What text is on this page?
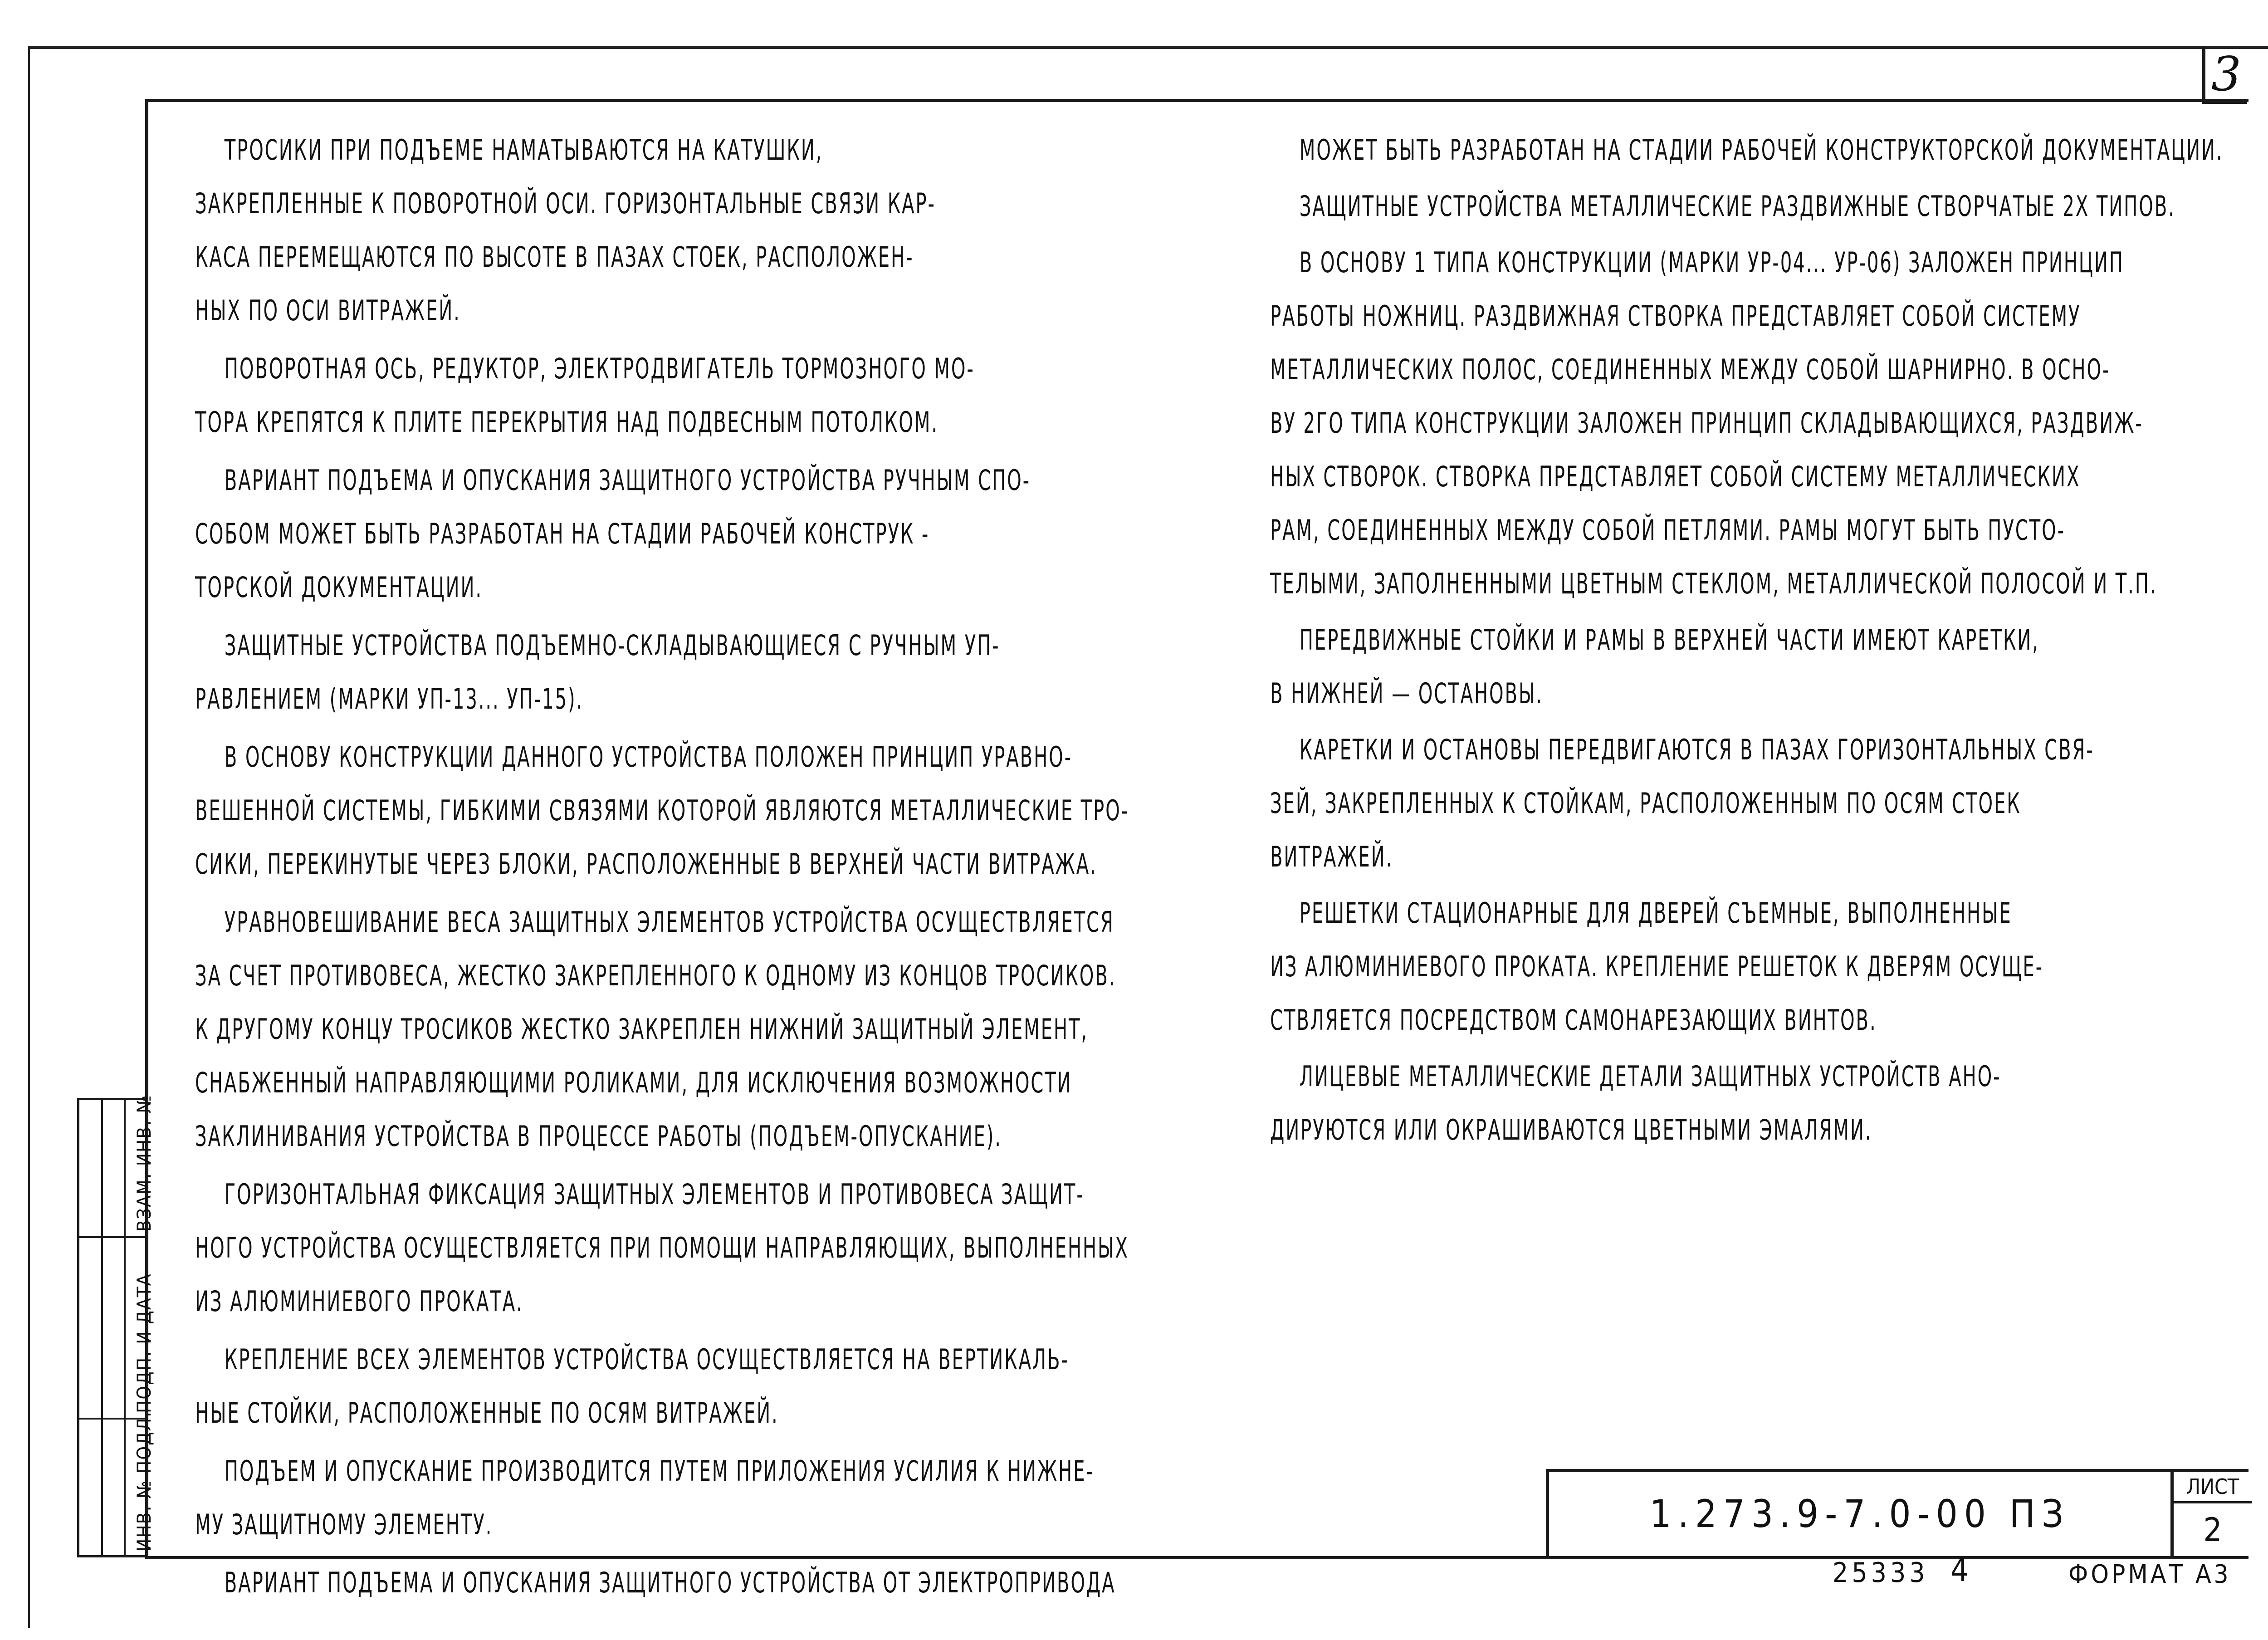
3
ТРОСИКИ ПРИ ПОДЪЕМЕ НАМАТЫВАЮТСЯ НА КАТУШКИ,
ЗАКРЕПЛЕННЫЕ К ПОВОРОТНОЙ ОСИ. ГОРИЗОНТАЛЬНЫЕ СВЯЗИ КАР-
КАСА ПЕРЕМЕЩАЮТСЯ ПО ВЫСОТЕ В ПАЗАХ СТОЕК, РАСПОЛОЖЕН-
НЫХ ПО ОСИ ВИТРАЖЕЙ.
ПОВОРОТНАЯ ОСЬ, РЕДУКТОР, ЭЛЕКТРОДВИГАТЕЛЬ ТОРМОЗНОГО МО-
ТОРА КРЕПЯТСЯ К ПЛИТЕ ПЕРЕКРЫТИЯ НАД ПОДВЕСНЫМ ПОТОЛКОМ.
ВАРИАНТ ПОДЪЕМА И ОПУСКАНИЯ ЗАЩИТНОГО УСТРОЙСТВА РУЧНЫМ СПО-
СОБОМ МОЖЕТ БЫТЬ РАЗРАБОТАН НА СТАДИИ РАБОЧЕЙ КОНСТРУК -
ТОРСКОЙ ДОКУМЕНТАЦИИ.
ЗАЩИТНЫЕ УСТРОЙСТВА ПОДЪЕМНО-СКЛАДЫВАЮЩИЕСЯ С РУЧНЫМ УП-
РАВЛЕНИЕМ (МАРКИ УП-13... УП-15).
В ОСНОВУ КОНСТРУКЦИИ ДАННОГО УСТРОЙСТВА ПОЛОЖЕН ПРИНЦИП УРАВНО-
ВЕШЕННОЙ СИСТЕМЫ, ГИБКИМИ СВЯЗЯМИ КОТОРОЙ ЯВЛЯЮТСЯ МЕТАЛЛИЧЕСКИЕ ТРО-
СИКИ, ПЕРЕКИНУТЫЕ ЧЕРЕЗ БЛОКИ, РАСПОЛОЖЕННЫЕ В ВЕРХНЕЙ ЧАСТИ ВИТРАЖА.
УРАВНОВЕШИВАНИЕ ВЕСА ЗАЩИТНЫХ ЭЛЕМЕНТОВ УСТРОЙСТВА ОСУЩЕСТВЛЯЕТСЯ
ЗА СЧЕТ ПРОТИВОВЕСА, ЖЕСТКО ЗАКРЕПЛЕННОГО К ОДНОМУ ИЗ КОНЦОВ ТРОСИКОВ.
К ДРУГОМУ КОНЦУ ТРОСИКОВ ЖЕСТКО ЗАКРЕПЛЕН НИЖНИЙ ЗАЩИТНЫЙ ЭЛЕМЕНТ,
СНАБЖЕННЫЙ НАПРАВЛЯЮЩИМИ РОЛИКАМИ, ДЛЯ ИСКЛЮЧЕНИЯ ВОЗМОЖНОСТИ
ЗАКЛИНИВАНИЯ УСТРОЙСТВА В ПРОЦЕССЕ РАБОТЫ (ПОДЪЕМ-ОПУСКАНИЕ).
ГОРИЗОНТАЛЬНАЯ ФИКСАЦИЯ ЗАЩИТНЫХ ЭЛЕМЕНТОВ И ПРОТИВОВЕСА ЗАЩИТ-
НОГО УСТРОЙСТВА ОСУЩЕСТВЛЯЕТСЯ ПРИ ПОМОЩИ НАПРАВЛЯЮЩИХ, ВЫПОЛНЕННЫХ
ИЗ АЛЮМИНИЕВОГО ПРОКАТА.
КРЕПЛЕНИЕ ВСЕХ ЭЛЕМЕНТОВ УСТРОЙСТВА ОСУЩЕСТВЛЯЕТСЯ НА ВЕРТИКАЛЬ-
НЫЕ СТОЙКИ, РАСПОЛОЖЕННЫЕ ПО ОСЯМ ВИТРАЖЕЙ.
ПОДЪЕМ И ОПУСКАНИЕ ПРОИЗВОДИТСЯ ПУТЕМ ПРИЛОЖЕНИЯ УСИЛИЯ К НИЖНЕ-
МУ ЗАЩИТНОМУ ЭЛЕМЕНТУ.
ВАРИАНТ ПОДЪЕМА И ОПУСКАНИЯ ЗАЩИТНОГО УСТРОЙСТВА ОТ ЭЛЕКТРОПРИВОДА
МОЖЕТ БЫТЬ РАЗРАБОТАН НА СТАДИИ РАБОЧЕЙ КОНСТРУКТОРСКОЙ ДОКУМЕНТАЦИИ.
ЗАЩИТНЫЕ УСТРОЙСТВА МЕТАЛЛИЧЕСКИЕ РАЗДВИЖНЫЕ СТВОРЧАТЫЕ 2Х ТИПОВ.
В ОСНОВУ 1 ТИПА КОНСТРУКЦИИ (МАРКИ УР-04... УР-06) ЗАЛОЖЕН ПРИНЦИП
РАБОТЫ НОЖНИЦ. РАЗДВИЖНАЯ СТВОРКА ПРЕДСТАВЛЯЕТ СОБОЙ СИСТЕМУ
МЕТАЛЛИЧЕСКИХ ПОЛОС, СОЕДИНЕННЫХ МЕЖДУ СОБОЙ ШАРНИРНО. В ОСНО-
ВУ 2ГО ТИПА КОНСТРУКЦИИ ЗАЛОЖЕН ПРИНЦИП СКЛАДЫВАЮЩИХСЯ, РАЗДВИЖ-
НЫХ СТВОРОК. СТВОРКА ПРЕДСТАВЛЯЕТ СОБОЙ СИСТЕМУ МЕТАЛЛИЧЕСКИХ
РАМ, СОЕДИНЕННЫХ МЕЖДУ СОБОЙ ПЕТЛЯМИ. РАМЫ МОГУТ БЫТЬ ПУСТО-
ТЕЛЫМИ, ЗАПОЛНЕННЫМИ ЦВЕТНЫМ СТЕКЛОМ, МЕТАЛЛИЧЕСКОЙ ПОЛОСОЙ И Т.П.
ПЕРЕДВИЖНЫЕ СТОЙКИ И РАМЫ В ВЕРХНЕЙ ЧАСТИ ИМЕЮТ КАРЕТКИ,
В НИЖНЕЙ — ОСТАНОВЫ.
КАРЕТКИ И ОСТАНОВЫ ПЕРЕДВИГАЮТСЯ В ПАЗАХ ГОРИЗОНТАЛЬНЫХ СВЯ-
ЗЕЙ, ЗАКРЕПЛЕННЫХ К СТОЙКАМ, РАСПОЛОЖЕННЫМ ПО ОСЯМ СТОЕК
ВИТРАЖЕЙ.
РЕШЕТКИ СТАЦИОНАРНЫЕ ДЛЯ ДВЕРЕЙ СЪЕМНЫЕ, ВЫПОЛНЕННЫЕ
ИЗ АЛЮМИНИЕВОГО ПРОКАТА. КРЕПЛЕНИЕ РЕШЕТОК К ДВЕРЯМ ОСУЩЕ-
СТВЛЯЕТСЯ ПОСРЕДСТВОМ САМОНАРЕЗАЮЩИХ ВИНТОВ.
ЛИЦЕВЫЕ МЕТАЛЛИЧЕСКИЕ ДЕТАЛИ ЗАЩИТНЫХ УСТРОЙСТВ АНО-
ДИРУЮТСЯ ИЛИ ОКРАШИВАЮТСЯ ЦВЕТНЫМИ ЭМАЛЯМИ.
ВЗАМ. ИНВ. №
ПОДП. И ДАТА
ИНВ. № ПОДЛ.	1.273.9-7.0-00 ПЗ
ЛИСТ
2
25333 4	ФОРМАТ А3
